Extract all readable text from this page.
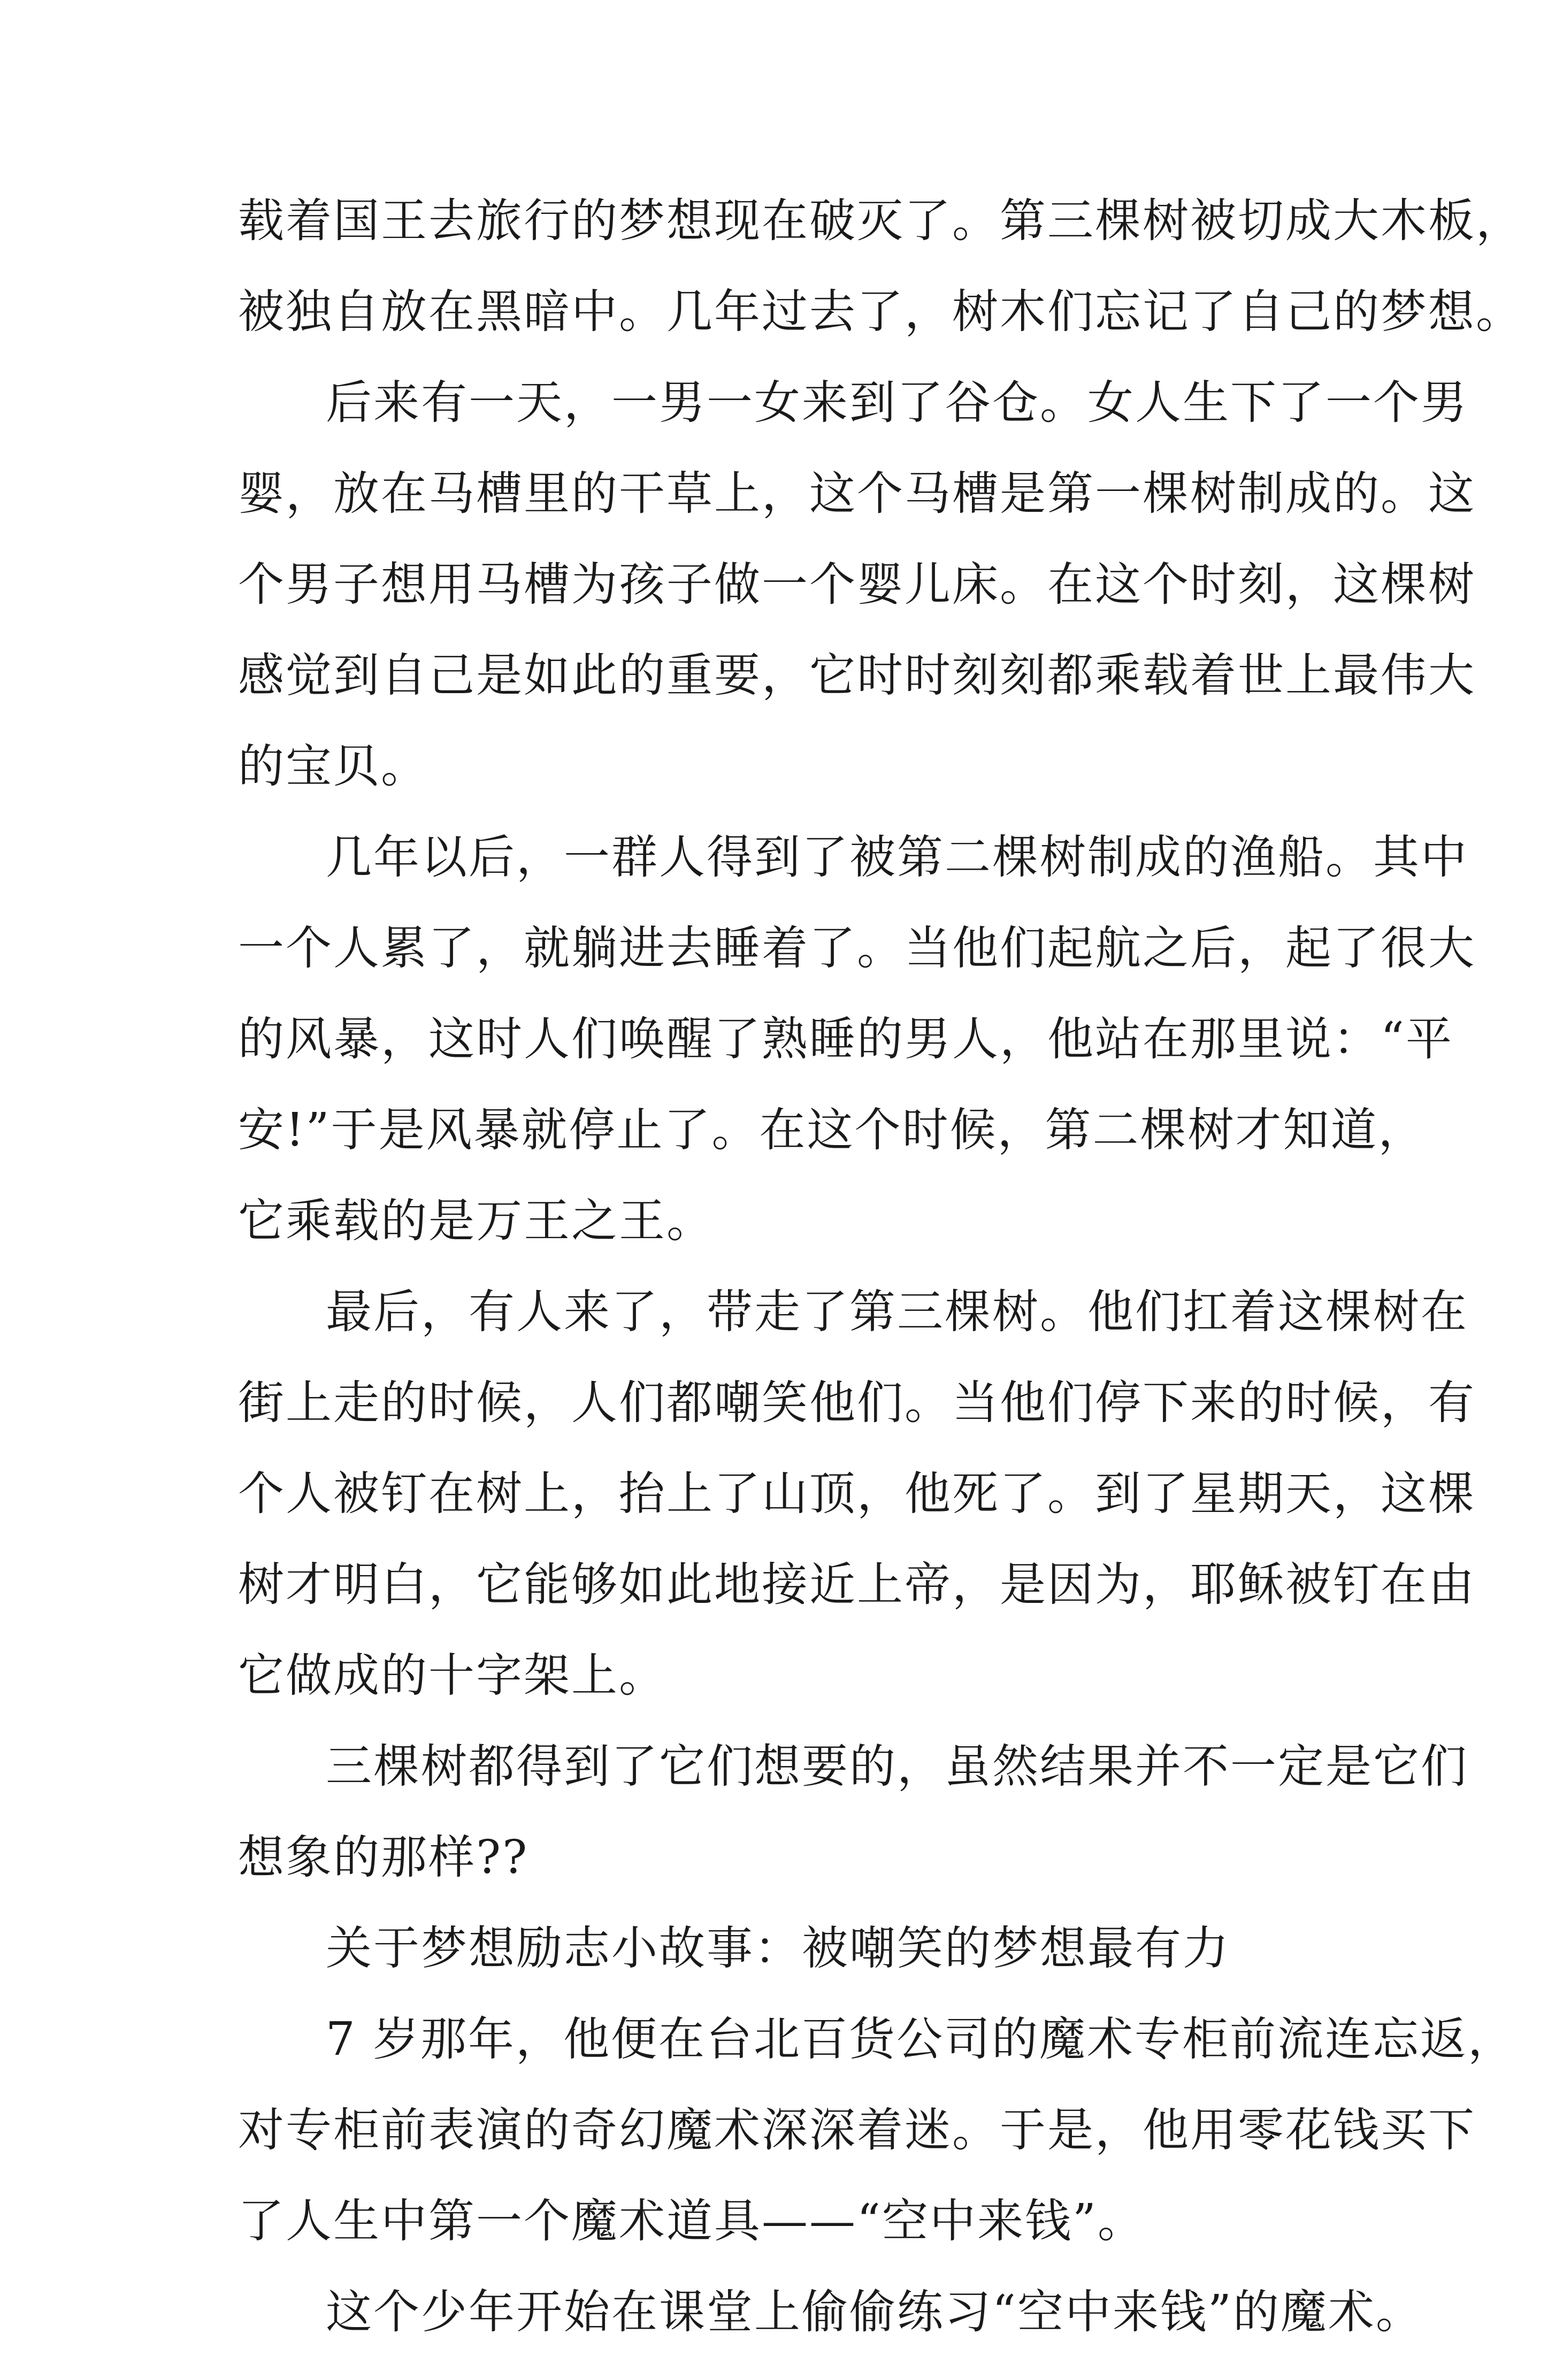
载着国王去旅行的梦想现在破灭了。第三棵树被切成大木板，
被独自放在黑暗中。几年过去了，树木们忘记了自己的梦想。
后来有一天，一男一女来到了谷仓。女人生下了一个男
婴，放在马槽里的干草上，这个马槽是第一棵树制成的。这
个男子想用马槽为孩子做一个婴儿床。在这个时刻，这棵树
感觉到自己是如此的重要，它时时刻刻都乘载着世上最伟大
的宝贝。
几年以后，一群人得到了被第二棵树制成的渔船。其中
一个人累了，就躺进去睡着了。当他们起航之后，起了很大
的风暴，这时人们唤醒了熟睡的男人，他站在那里说：“平
安!”于是风暴就停止了。在这个时候，第二棵树才知道，
它乘载的是万王之王。
最后，有人来了，带走了第三棵树。他们扛着这棵树在
街上走的时候，人们都嘲笑他们。当他们停下来的时候，有
个人被钉在树上，抬上了山顶，他死了。到了星期天，这棵
树才明白，它能够如此地接近上帝，是因为，耶稣被钉在由
它做成的十字架上。
三棵树都得到了它们想要的，虽然结果并不一定是它们
想象的那样??
关于梦想励志小故事：被嘲笑的梦想最有力
7 岁那年，他便在台北百货公司的魔术专柜前流连忘返，
对专柜前表演的奇幻魔术深深着迷。于是，他用零花钱买下
了人生中第一个魔术道具——“空中来钱”。
这个少年开始在课堂上偷偷练习“空中来钱”的魔术。
